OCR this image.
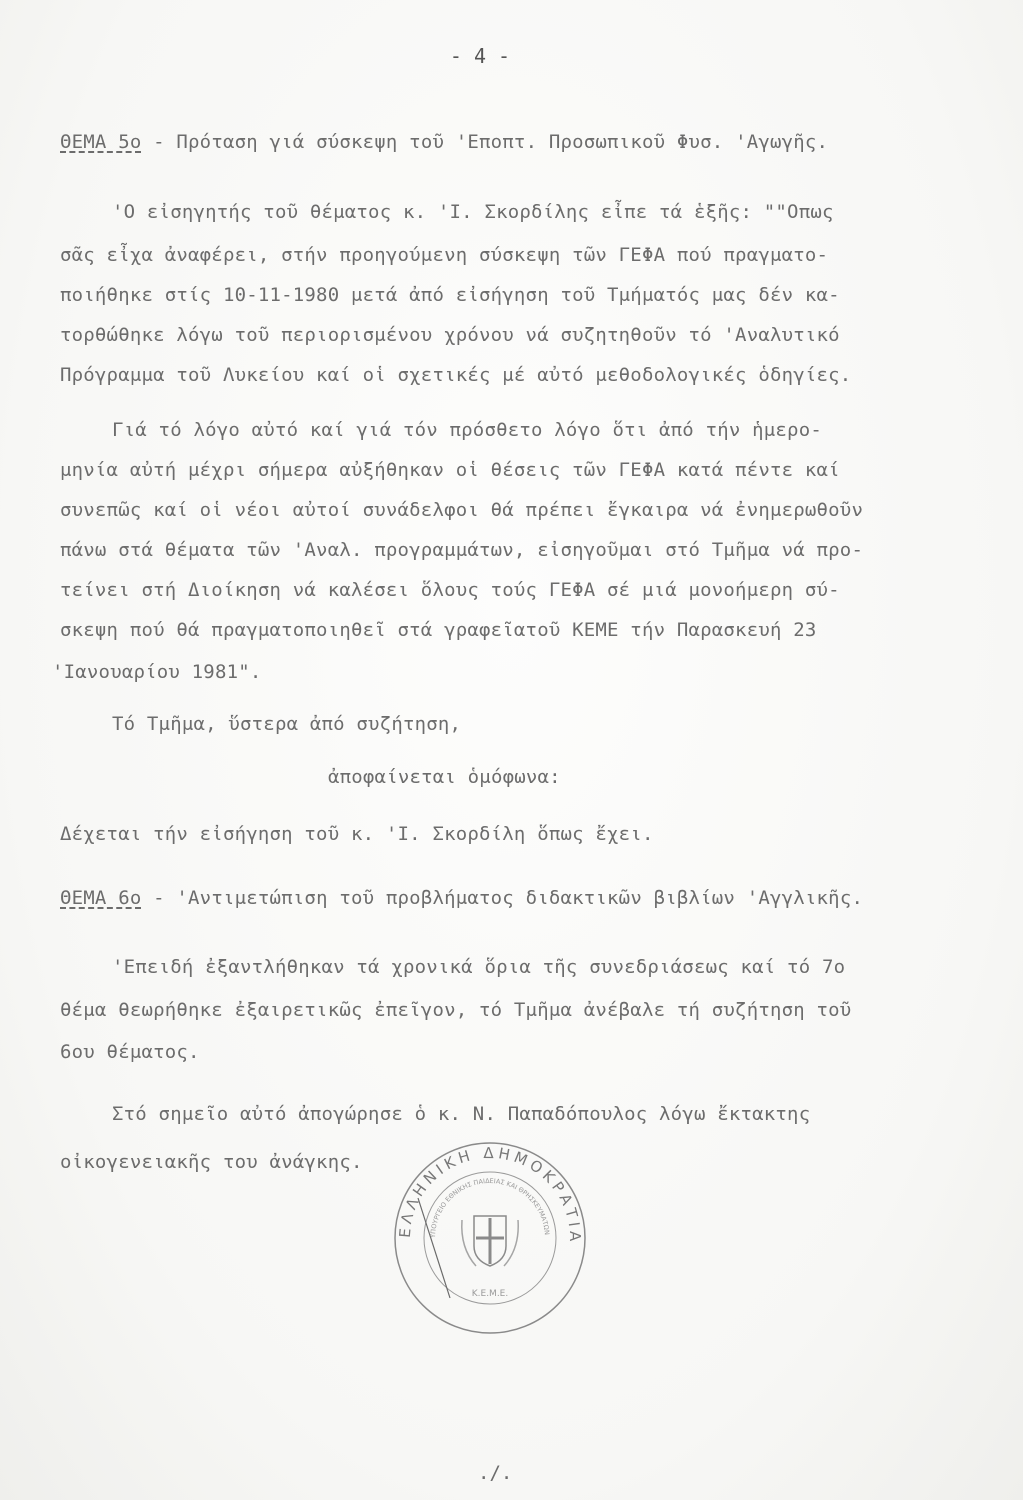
- 4 -
ΘΕΜΑ 5ο - Πρόταση γιά σύσκεψη τοῦ 'Εποπτ. Προσωπικοῦ Φυσ. 'Αγωγῆς.
'Ο εἰσηγητής τοῦ θέματος κ. 'Ι. Σκορδίλης εἶπε τά ἑξῆς: ""Οπως
σᾶς εἶχα ἀναφέρει, στήν προηγούμενη σύσκεψη τῶν ΓΕΦΑ πού πραγματο-
ποιήθηκε στίς 10-11-1980 μετά ἀπό εἰσήγηση τοῦ Τμήματός μας δέν κα-
τορθώθηκε λόγω τοῦ περιορισμένου χρόνου νά συζητηθοῦν τό 'Αναλυτικό
Πρόγραμμα τοῦ Λυκείου καί οἱ σχετικές μέ αὐτό μεθοδολογικές ὁδηγίες.
Γιά τό λόγο αὐτό καί γιά τόν πρόσθετο λόγο ὅτι ἀπό τήν ἡμερο-
μηνία αὐτή μέχρι σήμερα αὐξήθηκαν οἱ θέσεις τῶν ΓΕΦΑ κατά πέντε καί
συνεπῶς καί οἱ νέοι αὐτοί συνάδελφοι θά πρέπει ἔγκαιρα νά ἐνημερωθοῦν
πάνω στά θέματα τῶν 'Αναλ. προγραμμάτων, εἰσηγοῦμαι στό Τμῆμα νά προ-
τείνει στή Διοίκηση νά καλέσει ὅλους τούς ΓΕΦΑ σέ μιά μονοήμερη σύ-
σκεψη πού θά πραγματοποιηθεῖ στά γραφεῖατοῦ ΚΕΜΕ τήν Παρασκευή 23
'Ιανουαρίου 1981".
Τό Τμῆμα, ὕστερα ἀπό συζήτηση,
ἀποφαίνεται ὁμόφωνα:
Δέχεται τήν εἰσήγηση τοῦ κ. 'Ι. Σκορδίλη ὅπως ἔχει.
ΘΕΜΑ 6ο - 'Αντιμετώπιση τοῦ προβλήματος διδακτικῶν βιβλίων 'Αγγλικῆς.
'Επειδή ἐξαντλήθηκαν τά χρονικά ὅρια τῆς συνεδριάσεως καί τό 7ο
θέμα θεωρήθηκε ἐξαιρετικῶς ἐπεῖγον, τό Τμῆμα ἀνέβαλε τή συζήτηση τοῦ
6ου θέματος.
Στό σημεῖο αὐτό ἀπογώρησε ὁ κ. Ν. Παπαδόπουλος λόγω ἔκτακτης
οἰκογενειακῆς του ἀνάγκης.
ΕΛΛΗΝΙΚΗ ΔΗΜΟΚΡΑΤΙΑ
ΥΠΟΥΡΓΕΙΟ ΕΘΝΙΚΗΣ ΠΑΙΔΕΙΑΣ ΚΑΙ ΘΡΗΣΚΕΥΜΑΤΩΝ
Κ.Ε.Μ.Ε.
./.
